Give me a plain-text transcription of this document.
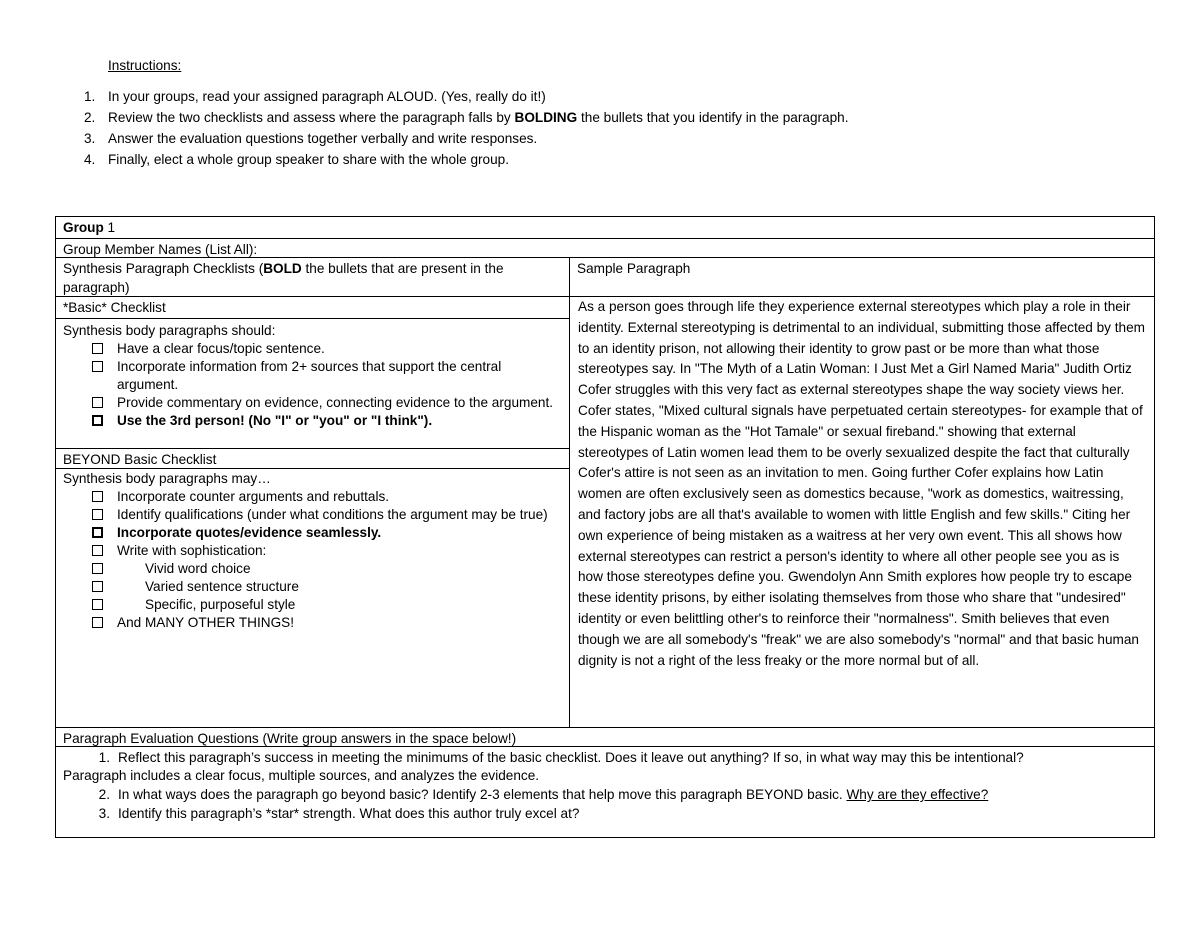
Instructions:
1. In your groups, read your assigned paragraph ALOUD. (Yes, really do it!)
2. Review the two checklists and assess where the paragraph falls by BOLDING the bullets that you identify in the paragraph.
3. Answer the evaluation questions together verbally and write responses.
4. Finally, elect a whole group speaker to share with the whole group.
Group 1
Group Member Names (List All):
Synthesis Paragraph Checklists (BOLD the bullets that are present in the paragraph)
Sample Paragraph
*Basic* Checklist
Synthesis body paragraphs should:
Have a clear focus/topic sentence.
Incorporate information from 2+ sources that support the central argument.
Provide commentary on evidence, connecting evidence to the argument.
Use the 3rd person! (No "I" or "you" or "I think").
BEYOND Basic Checklist
Synthesis body paragraphs may…
Incorporate counter arguments and rebuttals.
Identify qualifications (under what conditions the argument may be true)
Incorporate quotes/evidence seamlessly.
Write with sophistication:
Vivid word choice
Varied sentence structure
Specific, purposeful style
And MANY OTHER THINGS!
As a person goes through life they experience external stereotypes which play a role in their identity. External stereotyping is detrimental to an individual, submitting those affected by them to an identity prison, not allowing their identity to grow past or be more than what those stereotypes say. In "The Myth of a Latin Woman: I Just Met a Girl Named Maria" Judith Ortiz Cofer struggles with this very fact as external stereotypes shape the way society views her. Cofer states, "Mixed cultural signals have perpetuated certain stereotypes- for example that of the Hispanic woman as the "Hot Tamale" or sexual fireband." showing that external stereotypes of Latin women lead them to be overly sexualized despite the fact that culturally Cofer's attire is not seen as an invitation to men. Going further Cofer explains how Latin women are often exclusively seen as domestics because, "work as domestics, waitressing, and factory jobs are all that's available to women with little English and few skills." Citing her own experience of being mistaken as a waitress at her very own event. This all shows how external stereotypes can restrict a person's identity to where all other people see you as is how those stereotypes define you. Gwendolyn Ann Smith explores how people try to escape these identity prisons, by either isolating themselves from those who share that "undesired" identity or even belittling other's to reinforce their "normalness". Smith believes that even though we are all somebody's "freak" we are also somebody's "normal" and that basic human dignity is not a right of the less freaky or the more normal but of all.
Paragraph Evaluation Questions (Write group answers in the space below!)
1. Reflect this paragraph’s success in meeting the minimums of the basic checklist. Does it leave out anything? If so, in what way may this be intentional?
Paragraph includes a clear focus, multiple sources, and analyzes the evidence.
2. In what ways does the paragraph go beyond basic? Identify 2-3 elements that help move this paragraph BEYOND basic. Why are they effective?
3. Identify this paragraph’s *star* strength. What does this author truly excel at?
